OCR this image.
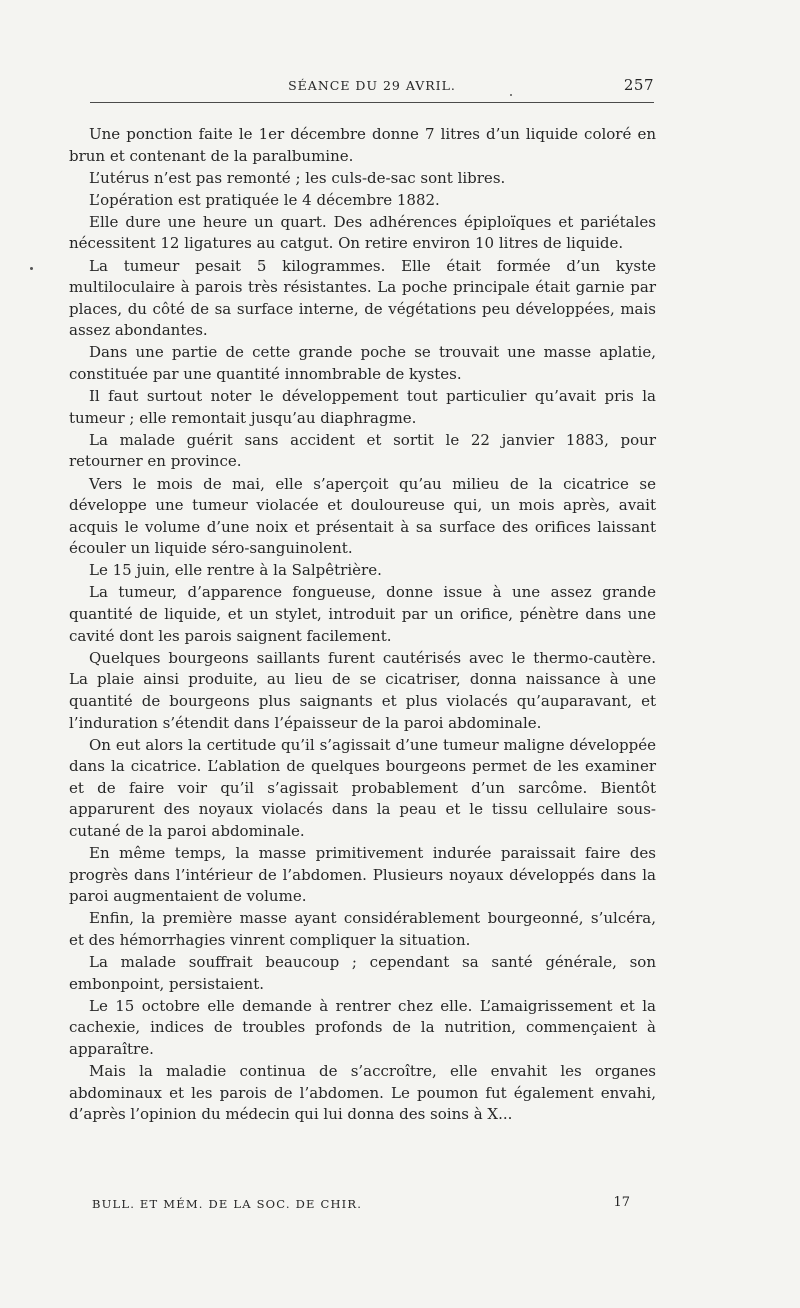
SÉANCE DU 29 AVRIL.	257

Une ponction faite le 1er décembre donne 7 litres d’un liquide coloré en brun et contenant de la paralbumine.

L’utérus n’est pas remonté ; les culs-de-sac sont libres.

L’opération est pratiquée le 4 décembre 1882.

Elle dure une heure un quart. Des adhérences épiploïques et pariétales nécessitent 12 ligatures au catgut. On retire environ 10 litres de liquide.

La tumeur pesait 5 kilogrammes. Elle était formée d’un kyste multiloculaire à parois très résistantes. La poche principale était garnie par places, du côté de sa surface interne, de végétations peu développées, mais assez abondantes.

Dans une partie de cette grande poche se trouvait une masse aplatie, constituée par une quantité innombrable de kystes.

Il faut surtout noter le développement tout particulier qu’avait pris la tumeur ; elle remontait jusqu’au diaphragme.

La malade guérit sans accident et sortit le 22 janvier 1883, pour retourner en province.

Vers le mois de mai, elle s’aperçoit qu’au milieu de la cicatrice se développe une tumeur violacée et douloureuse qui, un mois après, avait acquis le volume d’une noix et présentait à sa surface des orifices laissant écouler un liquide séro-sanguinolent.

Le 15 juin, elle rentre à la Salpêtrière.

La tumeur, d’apparence fongueuse, donne issue à une assez grande quantité de liquide, et un stylet, introduit par un orifice, pénètre dans une cavité dont les parois saignent facilement.

Quelques bourgeons saillants furent cautérisés avec le thermo-cautère. La plaie ainsi produite, au lieu de se cicatriser, donna naissance à une quantité de bourgeons plus saignants et plus violacés qu’auparavant, et l’induration s’étendit dans l’épaisseur de la paroi abdominale.

On eut alors la certitude qu’il s’agissait d’une tumeur maligne développée dans la cicatrice. L’ablation de quelques bourgeons permet de les examiner et de faire voir qu’il s’agissait probablement d’un sarcôme. Bientôt apparurent des noyaux violacés dans la peau et le tissu cellulaire sous-cutané de la paroi abdominale.

En même temps, la masse primitivement indurée paraissait faire des progrès dans l’intérieur de l’abdomen. Plusieurs noyaux développés dans la paroi augmentaient de volume.

Enfin, la première masse ayant considérablement bourgeonné, s’ulcéra, et des hémorrhagies vinrent compliquer la situation.

La malade souffrait beaucoup ; cependant sa santé générale, son embonpoint, persistaient.

Le 15 octobre elle demande à rentrer chez elle. L’amaigrissement et la cachexie, indices de troubles profonds de la nutrition, commençaient à apparaître.

Mais la maladie continua de s’accroître, elle envahit les organes abdominaux et les parois de l’abdomen. Le poumon fut également envahi, d’après l’opinion du médecin qui lui donna des soins à X...

BULL. ET MÉM. DE LA SOC. DE CHIR.	17
